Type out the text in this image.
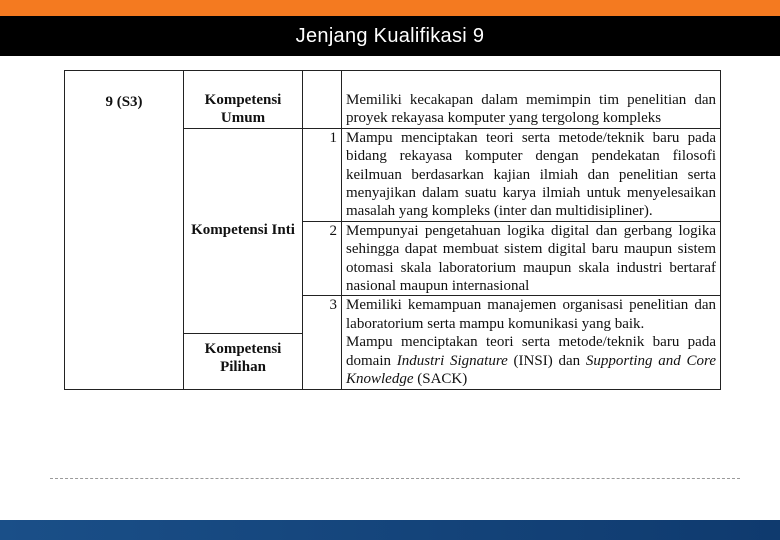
Jenjang Kualifikasi 9
9 (S3)	Kompetensi Umum		Memiliki kecakapan dalam memimpin tim penelitian dan proyek rekayasa komputer yang tergolong kompleks

	Kompetensi Inti	1	Mampu menciptakan teori serta metode/teknik baru pada bidang rekayasa komputer dengan pendekatan filosofi keilmuan berdasarkan kajian ilmiah dan penelitian serta menyajikan dalam suatu karya ilmiah untuk menyelesaikan masalah yang kompleks (inter dan multidisipliner).
		2	Mempunyai pengetahuan logika digital dan gerbang logika sehingga dapat membuat sistem digital baru maupun sistem otomasi skala laboratorium maupun skala industri bertaraf nasional maupun internasional
		3	Memiliki kemampuan manajemen organisasi penelitian dan laboratorium serta mampu komunikasi yang baik.

	Kompetensi Pilihan		Mampu menciptakan teori serta metode/teknik baru pada domain Industri Signature (INSI) dan Supporting and Core Knowledge (SACK)
